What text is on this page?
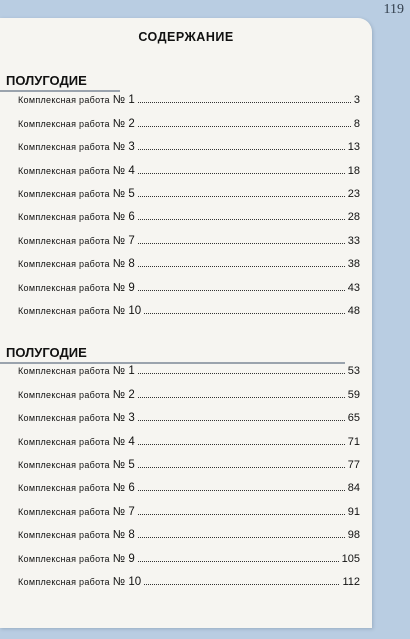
119
СОДЕРЖАНИЕ
ПОЛУГОДИЕ
Комплексная работа № 1	3
Комплексная работа № 2	8
Комплексная работа № 3	13
Комплексная работа № 4	18
Комплексная работа № 5	23
Комплексная работа № 6	28
Комплексная работа № 7	33
Комплексная работа № 8	38
Комплексная работа № 9	43
Комплексная работа № 10	48
ПОЛУГОДИЕ
Комплексная работа № 1	53
Комплексная работа № 2	59
Комплексная работа № 3	65
Комплексная работа № 4	71
Комплексная работа № 5	77
Комплексная работа № 6	84
Комплексная работа № 7	91
Комплексная работа № 8	98
Комплексная работа № 9	105
Комплексная работа № 10	112
